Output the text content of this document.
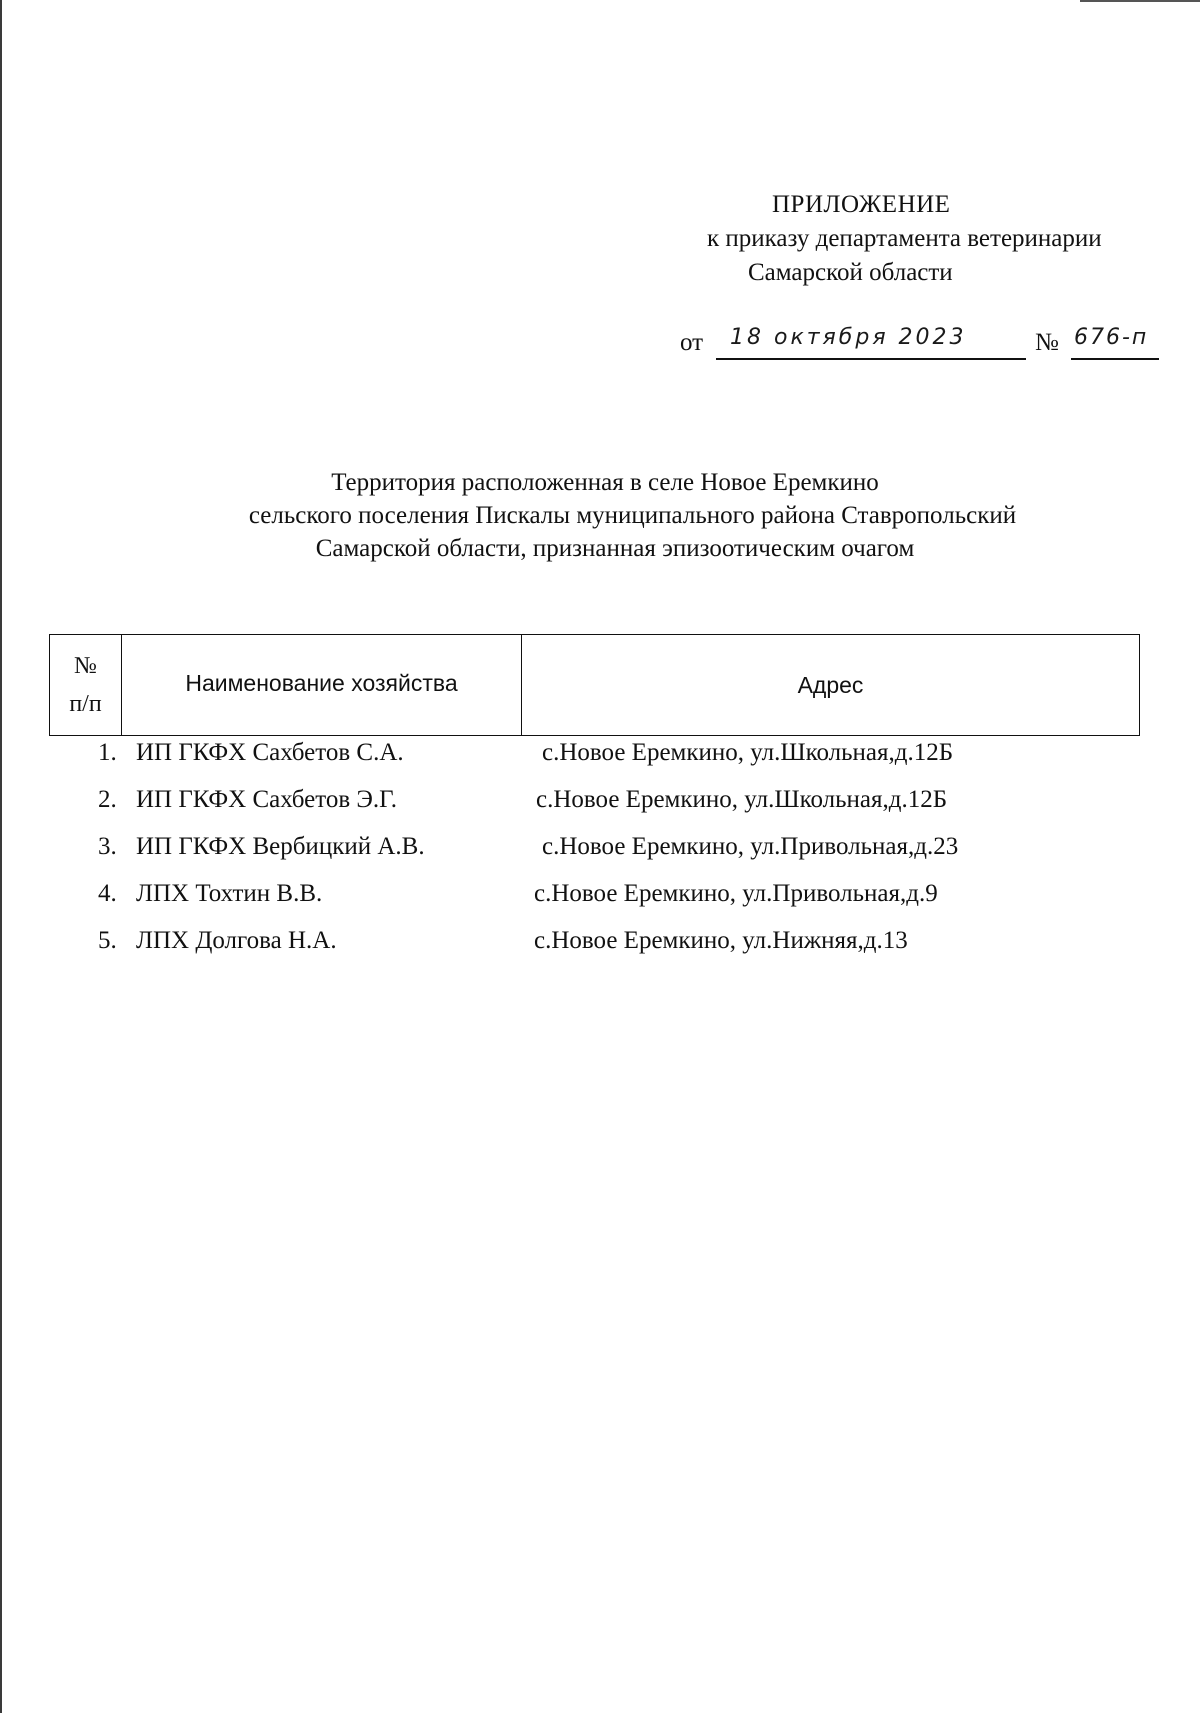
ПРИЛОЖЕНИЕ
к приказу департамента ветеринарии
Самарской области
от 18 октября 2023	№ 676-п
Территория расположенная в селе Новое Еремкино
сельского поселения Пискалы муниципального района Ставропольский
Самарской области, признанная эпизоотическим очагом
№
п/п
	Наименование хозяйства	Адрес
1. ИП ГКФХ Сахбетов С.А.	с.Новое Еремкино, ул.Школьная,д.12Б
2. ИП ГКФХ Сахбетов Э.Г.	с.Новое Еремкино, ул.Школьная,д.12Б
3. ИП ГКФХ Вербицкий А.В.	с.Новое Еремкино, ул.Привольная,д.23
4. ЛПХ Тохтин В.В.	с.Новое Еремкино, ул.Привольная,д.9
5. ЛПХ Долгова Н.А.	с.Новое Еремкино, ул.Нижняя,д.13
